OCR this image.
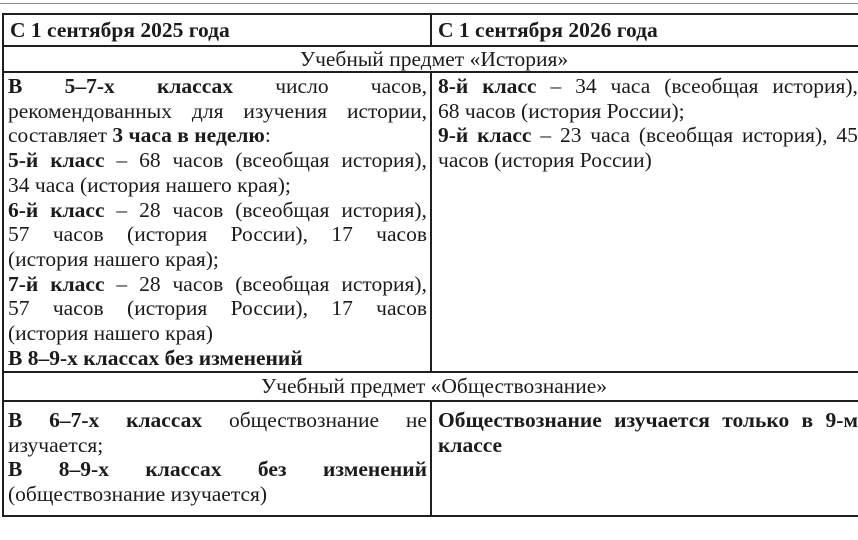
С 1 сентября 2025 года	С 1 сентября 2026 года
Учебный предмет «История»
В 5–7-х классах число часов,
рекомендованных для изучения истории,
составляет 3 часа в неделю:
5-й класс – 68 часов (всеобщая история),
34 часа (история нашего края);
6-й класс – 28 часов (всеобщая история),
57 часов (история России), 17 часов
(история нашего края);
7-й класс – 28 часов (всеобщая история),
57 часов (история России), 17 часов
(история нашего края)
В 8–9-х классах без изменений
8-й класс – 34 часа (всеобщая история),
68 часов (история России);
9-й класс – 23 часа (всеобщая история), 45
часов (история России)
Учебный предмет «Обществознание»
В 6–7-х классах обществознание не
изучается;
В 8–9-х классах без изменений
(обществознание изучается)
Обществознание изучается только в 9-м
классе
